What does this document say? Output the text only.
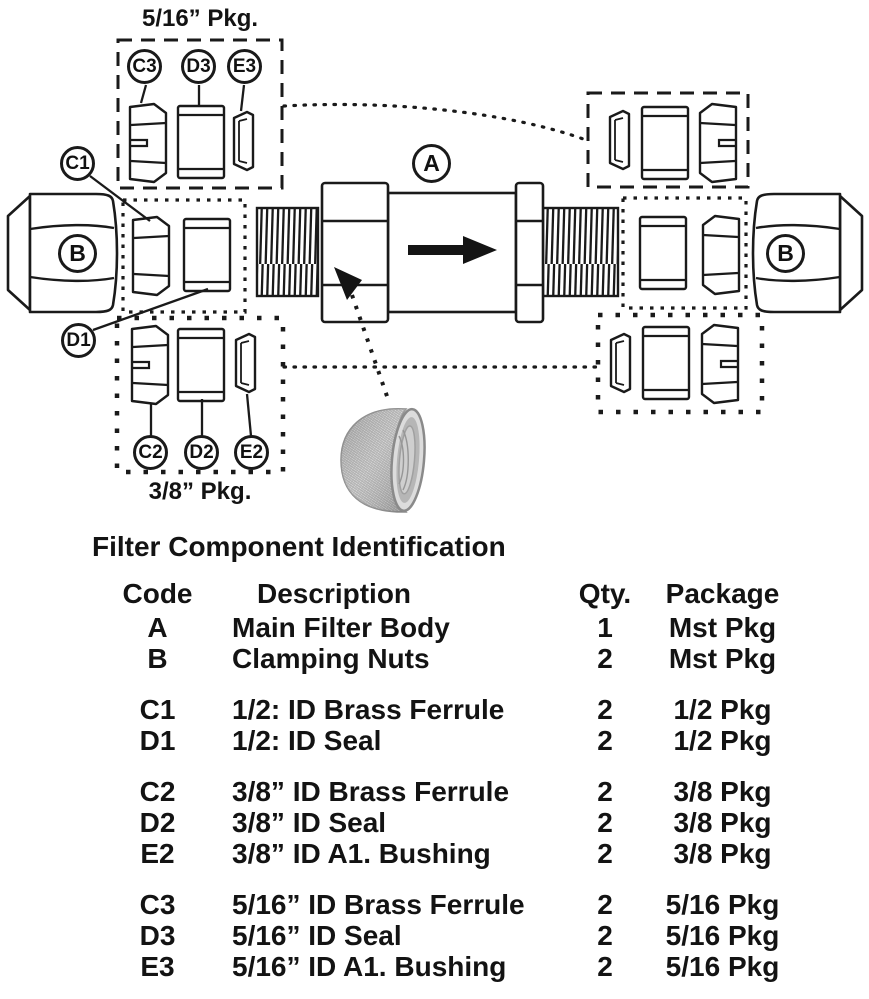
5/16” Pkg.
3/8” Pkg.
C3 D3	E3
C1
D1
C2 D2	E2
A
B	B
Filter Component Identification
Code	Description	Qty.	Package
A	Main Filter Body	1	Mst Pkg
B	Clamping Nuts	2	Mst Pkg
C1	1/2: ID Brass Ferrule	2	1/2 Pkg
D1	1/2: ID Seal	2	1/2 Pkg
C2	3/8” ID Brass Ferrule	2	3/8 Pkg
D2	3/8” ID Seal	2	3/8 Pkg
E2	3/8” ID A1. Bushing	2	3/8 Pkg
C3	5/16” ID Brass Ferrule	2	5/16 Pkg
D3	5/16” ID Seal	2	5/16 Pkg
E3	5/16” ID A1. Bushing	2	5/16 Pkg
